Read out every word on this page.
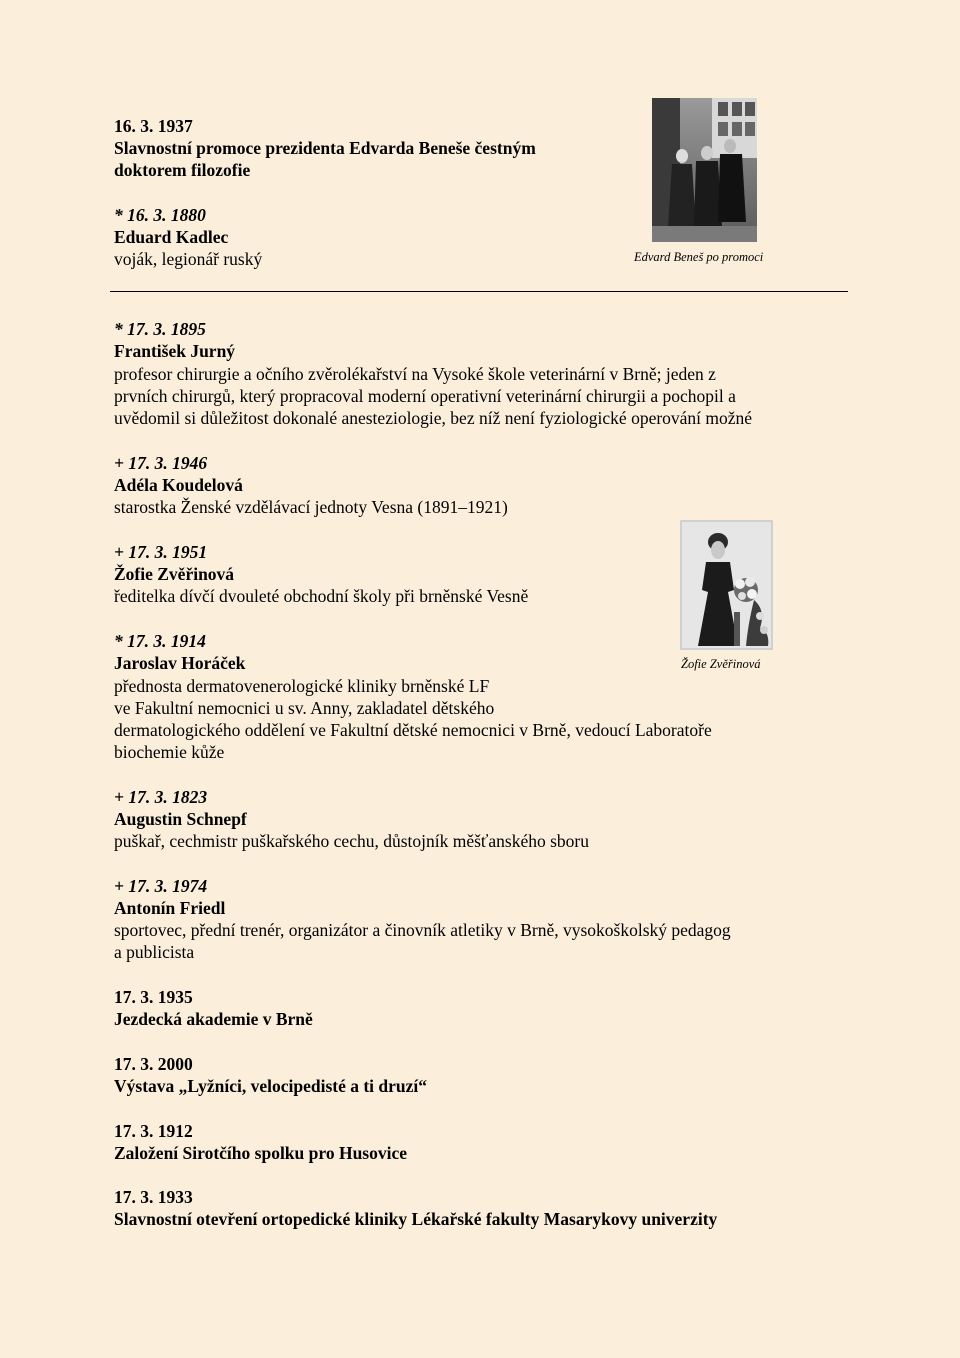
16. 3. 1937
Slavnostní promoce prezidenta Edvarda Beneše čestným
doktorem filozofie
* 16. 3. 1880
Eduard Kadlec
voják, legionář ruský	Edvard Beneš po promoci
* 17. 3. 1895
František Jurný
profesor chirurgie a očního zvěrolékařství na Vysoké škole veterinární v Brně; jeden z
prvních chirurgů, který propracoval moderní operativní veterinární chirurgii a pochopil a
uvědomil si důležitost dokonalé anesteziologie, bez níž není fyziologické operování možné
+ 17. 3. 1946
Adéla Koudelová
starostka Ženské vzdělávací jednoty Vesna (1891–1921)
Žofie Zvěřinová
+ 17. 3. 1951
Žofie Zvěřinová
ředitelka dívčí dvouleté obchodní školy při brněnské Vesně
* 17. 3. 1914
Jaroslav Horáček
přednosta dermatovenerologické kliniky brněnské LF
ve Fakultní nemocnici u sv. Anny, zakladatel dětského
dermatologického oddělení ve Fakultní dětské nemocnici v Brně, vedoucí Laboratoře
biochemie kůže
+ 17. 3. 1823
Augustin Schnepf
puškař, cechmistr puškařského cechu, důstojník měšťanského sboru
+ 17. 3. 1974
Antonín Friedl
sportovec, přední trenér, organizátor a činovník atletiky v Brně, vysokoškolský pedagog
a publicista
17. 3. 1935
Jezdecká akademie v Brně
17. 3. 2000
Výstava „Lyžníci, velocipedisté a ti druzí“
17. 3. 1912
Založení Sirotčího spolku pro Husovice
17. 3. 1933
Slavnostní otevření ortopedické kliniky Lékařské fakulty Masarykovy univerzity
